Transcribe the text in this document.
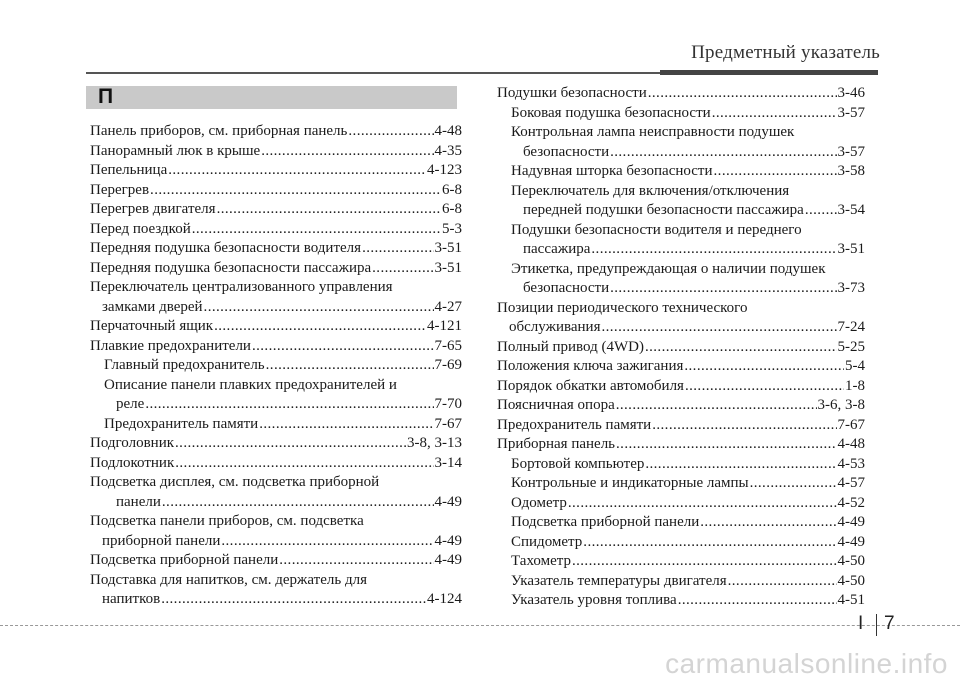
Предметный указатель
П
Панель приборов, см. приборная панель .....	4-48
Панорамный люк в крыше .....	4-35
Пепельница .....	4-123
Перегрев .....	6-8
Перегрев двигателя .....	6-8
Перед поездкой .....	5-3
Передняя подушка безопасности водителя .....	3-51
Передняя подушка безопасности пассажира .....	3-51
Переключатель централизованного управления
замками дверей .....	4-27
Перчаточный ящик .....	4-121
Плавкие предохранители .....	7-65
Главный предохранитель .....	7-69
Описание панели плавких предохранителей и
реле .....	7-70
Предохранитель памяти .....	7-67
Подголовник .....	3-8, 3-13
Подлокотник .....	3-14
Подсветка дисплея, см. подсветка приборной
панели .....	4-49
Подсветка панели приборов, см. подсветка
приборной панели .....	4-49
Подсветка приборной панели .....	4-49
Подставка для напитков, см. держатель для
напитков .....	4-124
Подушки безопасности .....	3-46
Боковая подушка безопасности .....	3-57
Контрольная лампа неисправности подушек
безопасности .....	3-57
Надувная шторка безопасности .....	3-58
Переключатель для включения/отключения
передней подушки безопасности пассажира ..... 3-54
Подушки безопасности водителя и переднего
пассажира .....	3-51
Этикетка, предупреждающая о наличии подушек
безопасности .....	3-73
Позиции периодического технического
обслуживания .....	7-24
Полный привод (4WD) .....	5-25
Положения ключа зажигания .....	5-4
Порядок обкатки автомобиля .....	1-8
Поясничная опора .....	3-6, 3-8
Предохранитель памяти .....	7-67
Приборная панель .....	4-48
Бортовой компьютер .....	4-53
Контрольные и индикаторные лампы .....	4-57
Одометр .....	4-52
Подсветка приборной панели .....	4-49
Спидометр .....	4-49
Тахометр .....	4-50
Указатель температуры двигателя .....	4-50
Указатель уровня топлива .....	4-51
I 7
carmanualsonline.info
